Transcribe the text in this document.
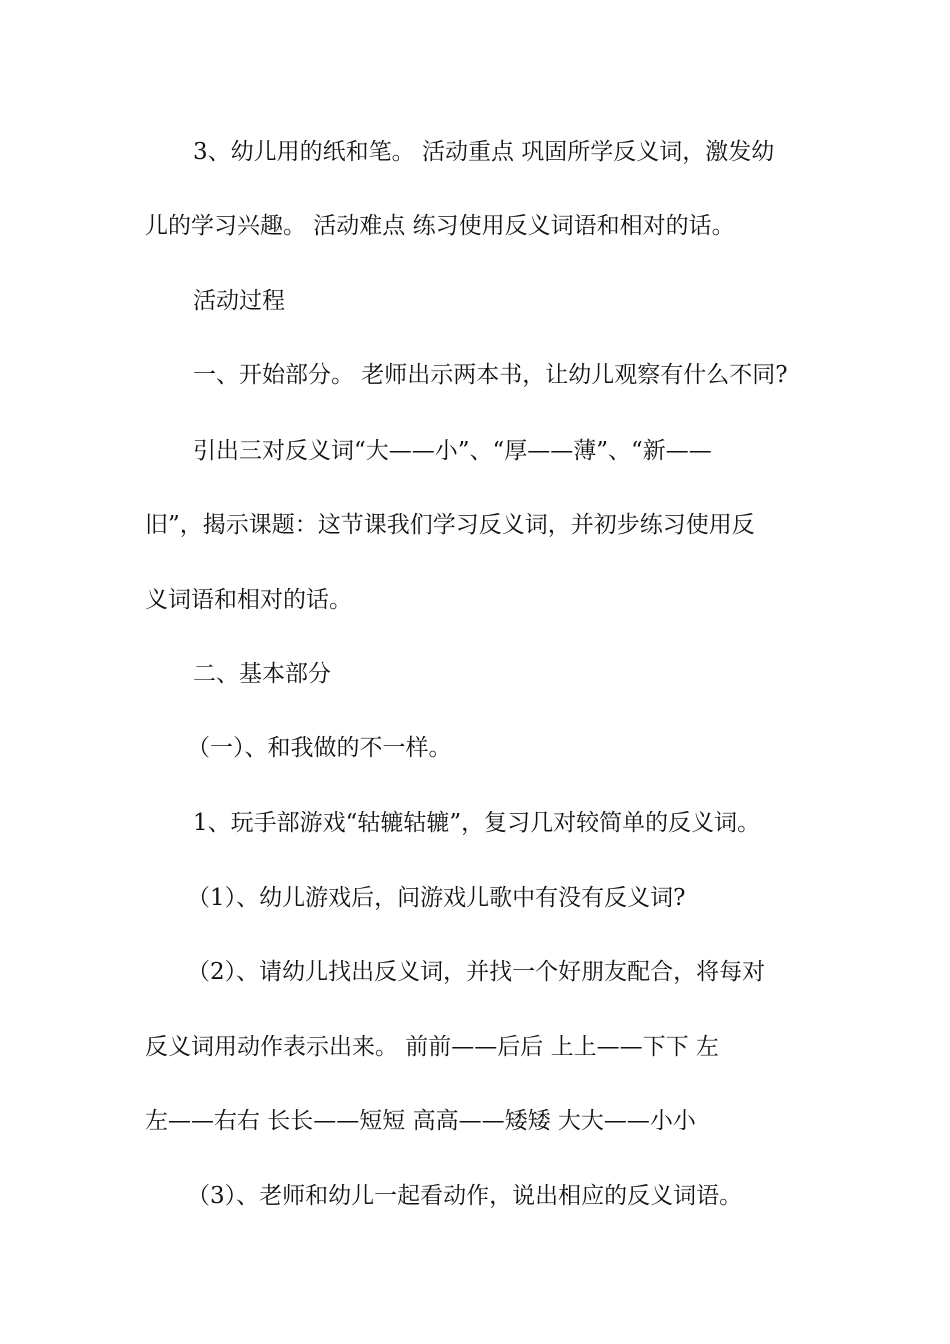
3、幼儿用的纸和笔。 活动重点 巩固所学反义词，激发幼
儿的学习兴趣。 活动难点 练习使用反义词语和相对的话。
活动过程
一、开始部分。 老师出示两本书，让幼儿观察有什么不同?
引出三对反义词“大——小”、“厚——薄”、“新——
旧”，揭示课题：这节课我们学习反义词，并初步练习使用反
义词语和相对的话。
二、基本部分
（一）、和我做的不一样。
1、玩手部游戏“轱辘轱辘”，复习几对较简单的反义词。
（1）、幼儿游戏后，问游戏儿歌中有没有反义词?
（2）、请幼儿找出反义词，并找一个好朋友配合，将每对
反义词用动作表示出来。 前前——后后 上上——下下 左
左——右右 长长——短短 高高——矮矮 大大——小小
（3）、老师和幼儿一起看动作，说出相应的反义词语。
